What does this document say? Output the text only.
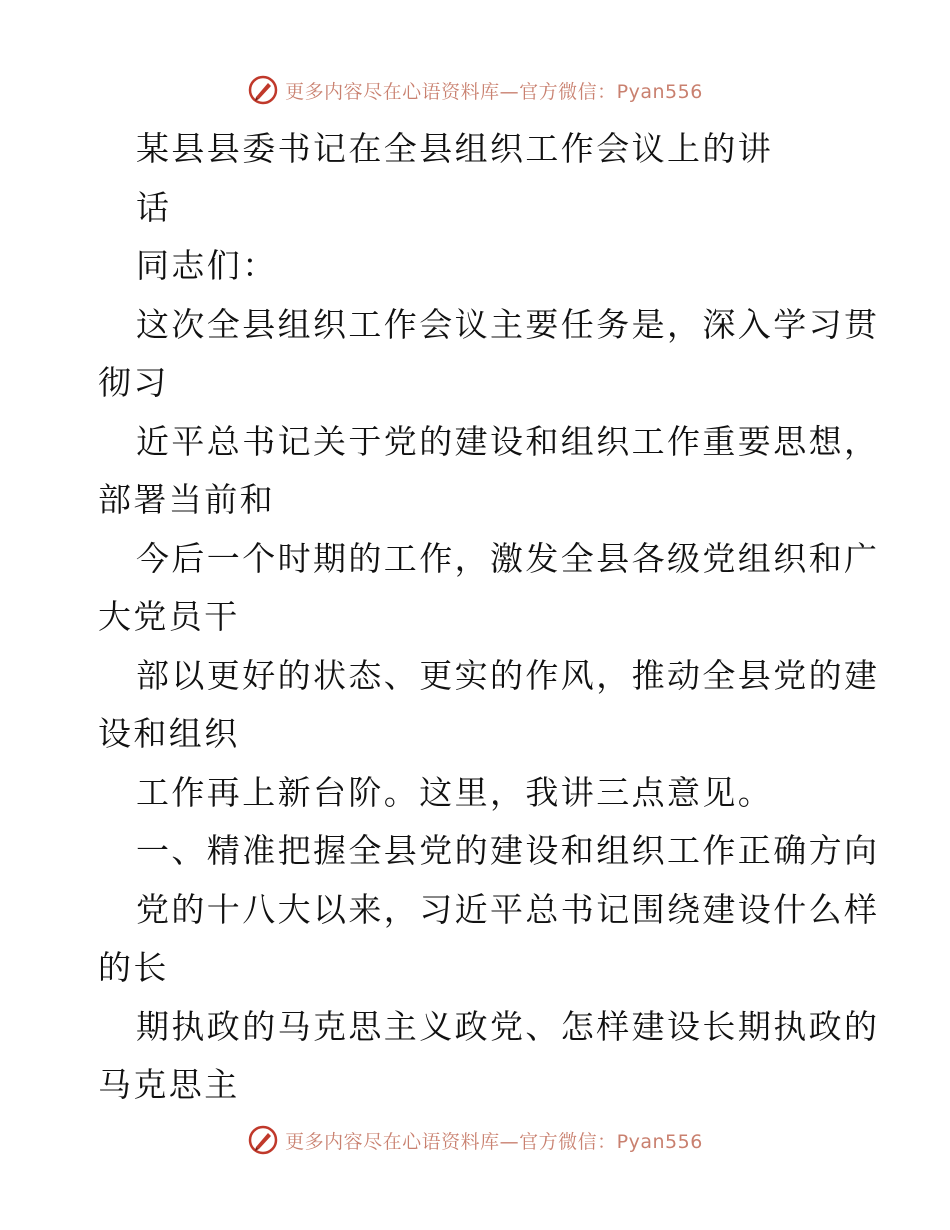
更多内容尽在心语资料库—官方微信：Pyan556
某县县委书记在全县组织工作会议上的讲
话
同志们：
这次全县组织工作会议主要任务是，深入学习贯
彻习
近平总书记关于党的建设和组织工作重要思想，
部署当前和
今后一个时期的工作，激发全县各级党组织和广
大党员干
部以更好的状态、更实的作风，推动全县党的建
设和组织
工作再上新台阶。这里，我讲三点意见。
一、精准把握全县党的建设和组织工作正确方向
党的十八大以来，习近平总书记围绕建设什么样
的长
期执政的马克思主义政党、怎样建设长期执政的
马克思主
更多内容尽在心语资料库—官方微信：Pyan556
